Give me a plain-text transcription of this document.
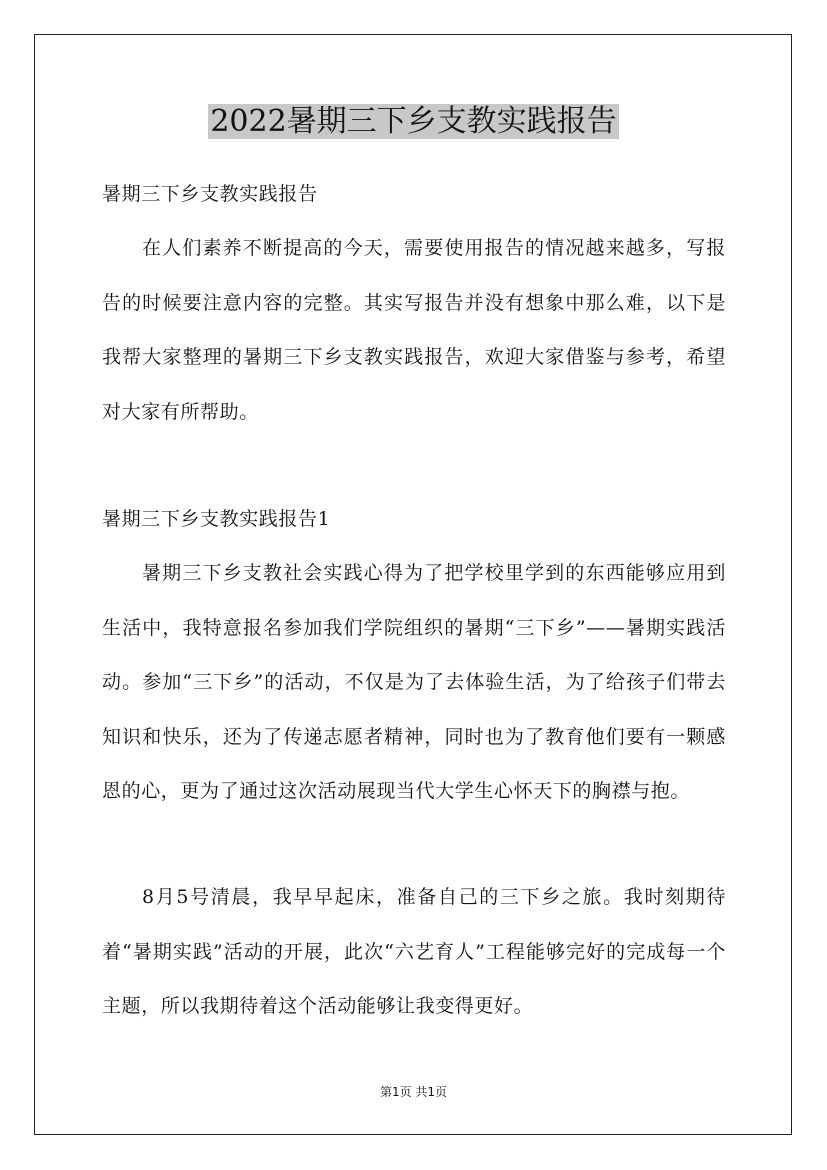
2022暑期三下乡支教实践报告
暑期三下乡支教实践报告
在人们素养不断提高的今天，需要使用报告的情况越来越多，写报告的时候要注意内容的完整。其实写报告并没有想象中那么难，以下是我帮大家整理的暑期三下乡支教实践报告，欢迎大家借鉴与参考，希望对大家有所帮助。
暑期三下乡支教实践报告1
暑期三下乡支教社会实践心得为了把学校里学到的东西能够应用到生活中，我特意报名参加我们学院组织的暑期“三下乡”——暑期实践活动。参加“三下乡”的活动，不仅是为了去体验生活，为了给孩子们带去知识和快乐，还为了传递志愿者精神，同时也为了教育他们要有一颗感恩的心，更为了通过这次活动展现当代大学生心怀天下的胸襟与抱。
8月5号清晨，我早早起床，准备自己的三下乡之旅。我时刻期待着“暑期实践”活动的开展，此次“六艺育人”工程能够完好的完成每一个主题，所以我期待着这个活动能够让我变得更好。
第1页 共1页
